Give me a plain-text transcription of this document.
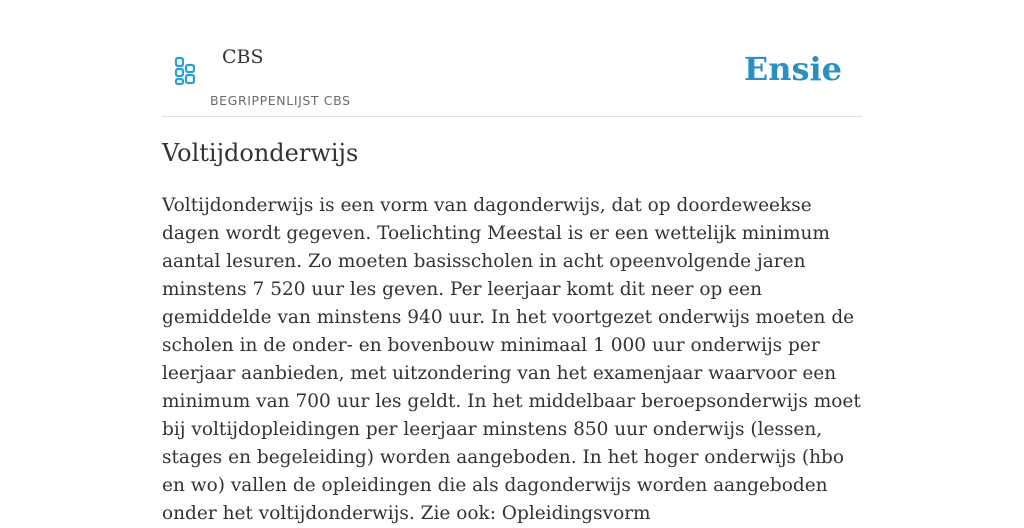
CBS
BEGRIPPENLIJST CBS
Ensie
Voltijdonderwijs

Voltijdonderwijs is een vorm van dagonderwijs, dat op doordeweekse dagen wordt gegeven. Toelichting Meestal is er een wettelijk minimum aantal lesuren. Zo moeten basisscholen in acht opeenvolgende jaren minstens 7 520 uur les geven. Per leerjaar komt dit neer op een gemiddelde van minstens 940 uur. In het voortgezet onderwijs moeten de scholen in de onder- en bovenbouw minimaal 1 000 uur onderwijs per leerjaar aanbieden, met uitzondering van het examenjaar waarvoor een minimum van 700 uur les geldt. In het middelbaar beroepsonderwijs moet bij voltijdopleidingen per leerjaar minstens 850 uur onderwijs (lessen, stages en begeleiding) worden aangeboden. In het hoger onderwijs (hbo en wo) vallen de opleidingen die als dagonderwijs worden aangeboden onder het voltijdonderwijs. Zie ook: Opleidingsvorm
